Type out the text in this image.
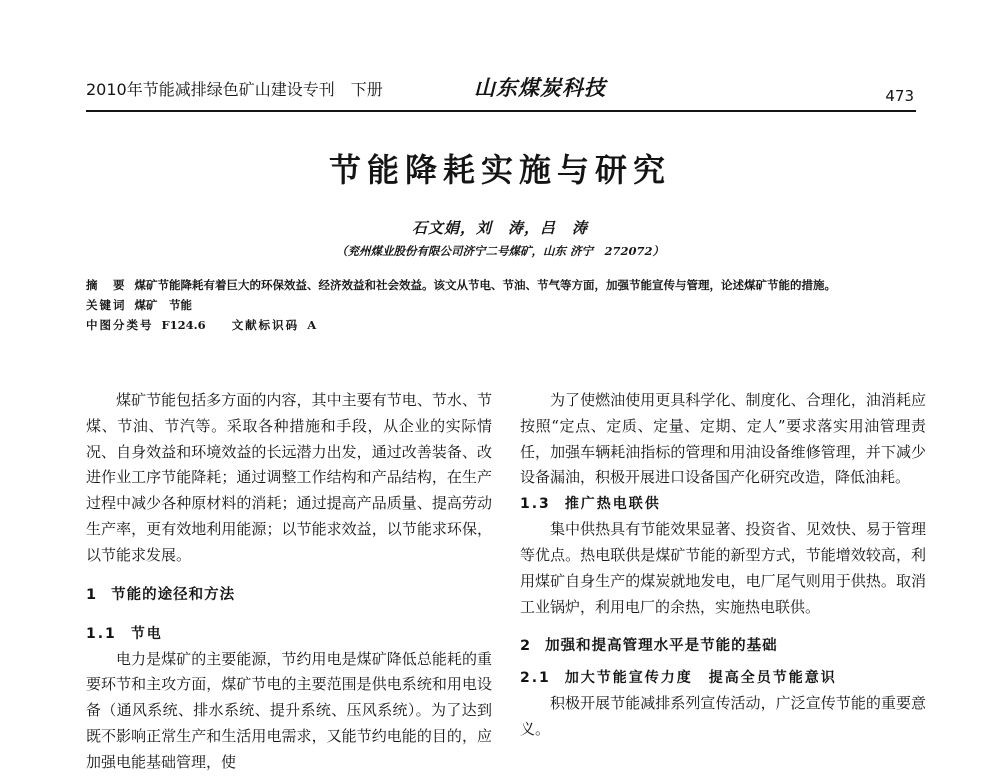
2010年节能减排绿色矿山建设专刊　下册	山东煤炭科技	473
节能降耗实施与研究
石文娟，刘　涛，吕　涛
（兖州煤业股份有限公司济宁二号煤矿，山东 济宁　272072）
摘　要 煤矿节能降耗有着巨大的环保效益、经济效益和社会效益。该文从节电、节油、节气等方面，加强节能宣传与管理，论述煤矿节能的措施。
关键词 煤矿　节能
中图分类号 F124.6 文献标识码 A

煤矿节能包括多方面的内容，其中主要有节电、节水、节煤、节油、节汽等。采取各种措施和手段，从企业的实际情况、自身效益和环境效益的长远潜力出发，通过改善装备、改进作业工序节能降耗；通过调整工作结构和产品结构，在生产过程中减少各种原材料的消耗；通过提高产品质量、提高劳动生产率，更有效地利用能源；以节能求效益，以节能求环保，以节能求发展。

1 节能的途径和方法
1.1 节电

电力是煤矿的主要能源，节约用电是煤矿降低总能耗的重要环节和主攻方面，煤矿节电的主要范围是供电系统和用电设备（通风系统、排水系统、提升系统、压风系统）。为了达到既不影响正常生产和生活用电需求，又能节约电能的目的，应加强电能基础管理，使

为了使燃油使用更具科学化、制度化、合理化，油消耗应按照“定点、定质、定量、定期、定人”要求落实用油管理责任，加强车辆耗油指标的管理和用油设备维修管理，并下减少设备漏油，积极开展进口设备国产化研究改造，降低油耗。

1.3 推广热电联供

集中供热具有节能效果显著、投资省、见效快、易于管理等优点。热电联供是煤矿节能的新型方式，节能增效较高，利用煤矿自身生产的煤炭就地发电，电厂尾气则用于供热。取消工业锅炉，利用电厂的余热，实施热电联供。

2 加强和提高管理水平是节能的基础
2.1 加大节能宣传力度　提高全员节能意识

积极开展节能减排系列宣传活动，广泛宣传节能的重要意义。
